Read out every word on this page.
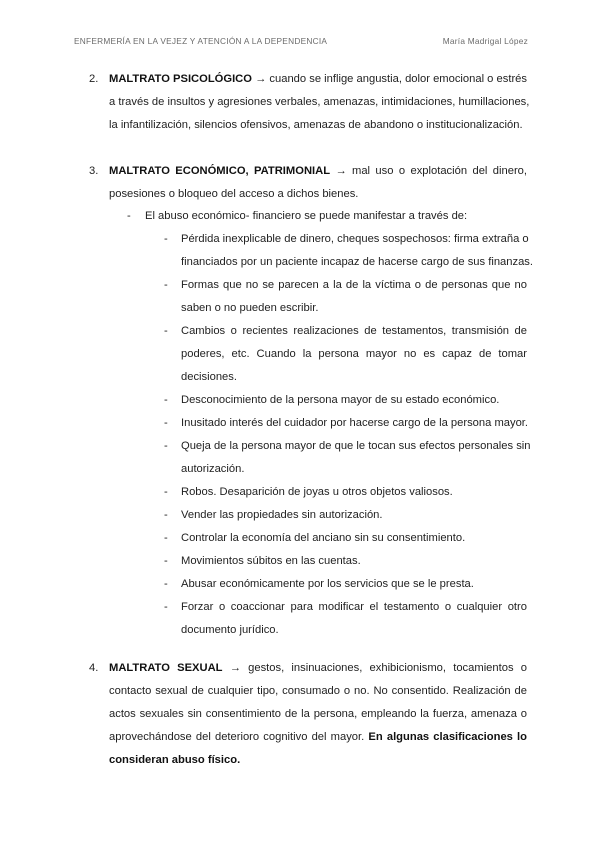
ENFERMERÍA EN LA VEJEZ Y ATENCIÓN A LA DEPENDENCIA	María Madrigal López
2. MALTRATO PSICOLÓGICO → cuando se inflige angustia, dolor emocional o estrés
a través de insultos y agresiones verbales, amenazas, intimidaciones, humillaciones,
la infantilización, silencios ofensivos, amenazas de abandono o institucionalización.
3. MALTRATO ECONÓMICO, PATRIMONIAL → mal uso o explotación del dinero,
posesiones o bloqueo del acceso a dichos bienes.
- El abuso económico- financiero se puede manifestar a través de:
- Pérdida inexplicable de dinero, cheques sospechosos: firma extraña o
financiados por un paciente incapaz de hacerse cargo de sus finanzas.
- Formas que no se parecen a la de la víctima o de personas que no
saben o no pueden escribir.
- Cambios o recientes realizaciones de testamentos, transmisión de
poderes, etc. Cuando la persona mayor no es capaz de tomar
decisiones.
- Desconocimiento de la persona mayor de su estado económico.
- Inusitado interés del cuidador por hacerse cargo de la persona mayor.
- Queja de la persona mayor de que le tocan sus efectos personales sin
autorización.
- Robos. Desaparición de joyas u otros objetos valiosos.
- Vender las propiedades sin autorización.
- Controlar la economía del anciano sin su consentimiento.
- Movimientos súbitos en las cuentas.
- Abusar económicamente por los servicios que se le presta.
- Forzar o coaccionar para modificar el testamento o cualquier otro
documento jurídico.
4. MALTRATO SEXUAL → gestos, insinuaciones, exhibicionismo, tocamientos o
contacto sexual de cualquier tipo, consumado o no. No consentido. Realización de
actos sexuales sin consentimiento de la persona, empleando la fuerza, amenaza o
aprovechándose del deterioro cognitivo del mayor. En algunas clasificaciones lo
consideran abuso físico.
